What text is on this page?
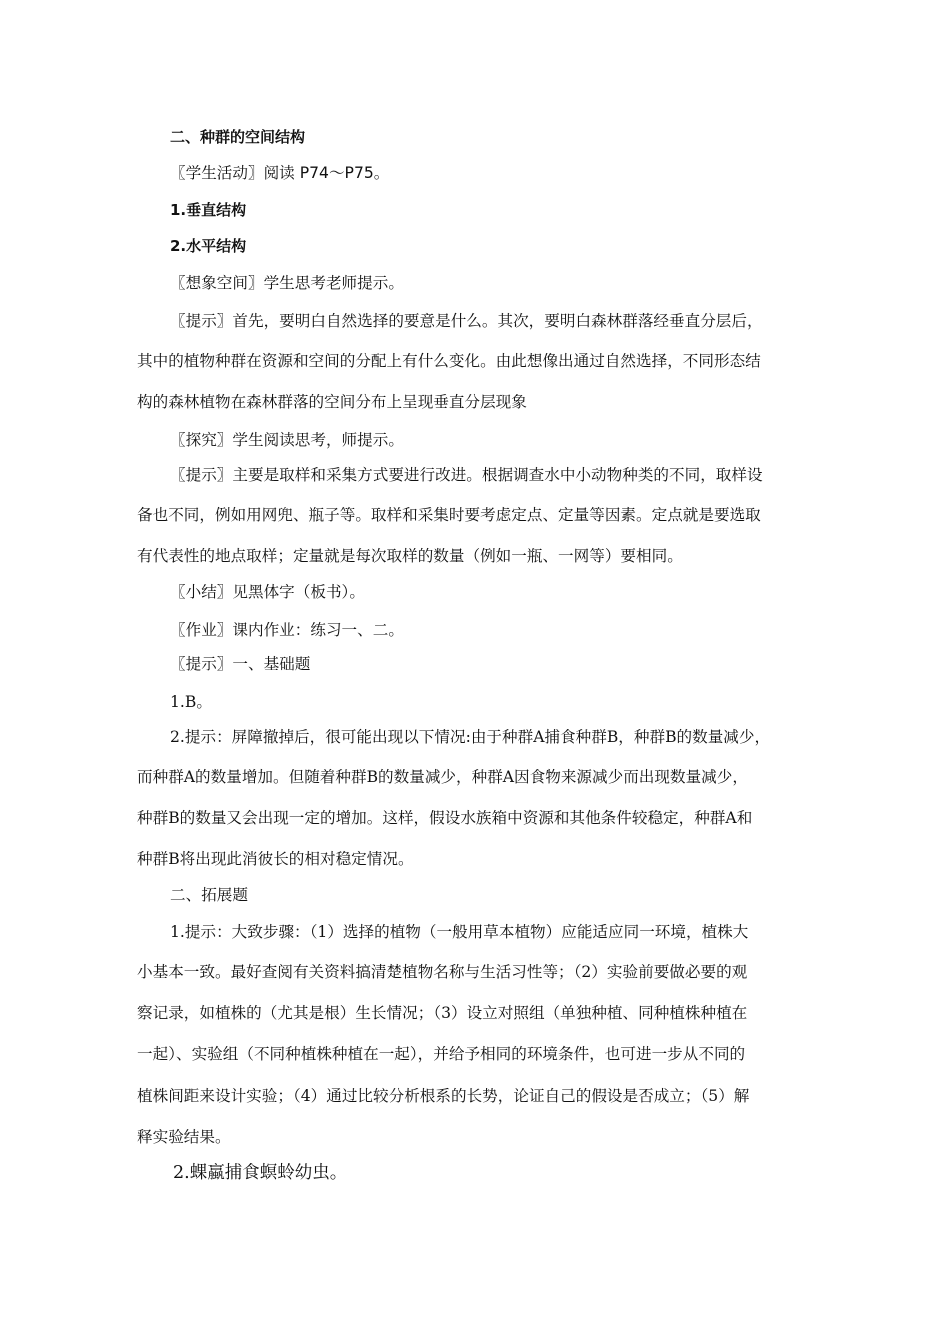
二、种群的空间结构
〖学生活动〗阅读 P74～P75。
1.垂直结构
2.水平结构
〖想象空间〗学生思考老师提示。
〖提示〗首先，要明白自然选择的要意是什么。其次，要明白森林群落经垂直分层后，
其中的植物种群在资源和空间的分配上有什么变化。由此想像出通过自然选择，不同形态结
构的森林植物在森林群落的空间分布上呈现垂直分层现象
〖探究〗学生阅读思考，师提示。
〖提示〗主要是取样和采集方式要进行改进。根据调查水中小动物种类的不同，取样设
备也不同，例如用网兜、瓶子等。取样和采集时要考虑定点、定量等因素。定点就是要选取
有代表性的地点取样；定量就是每次取样的数量（例如一瓶、一网等）要相同。
〖小结〗见黑体字（板书）。
〖作业〗课内作业：练习一、二。
〖提示〗一、基础题
1.B。
2.提示：屏障撤掉后，很可能出现以下情况:由于种群A捕食种群B，种群B的数量减少，
而种群A的数量增加。但随着种群B的数量减少，种群A因食物来源减少而出现数量减少，
种群B的数量又会出现一定的增加。这样，假设水族箱中资源和其他条件较稳定，种群A和
种群B将出现此消彼长的相对稳定情况。
二、拓展题
1.提示：大致步骤：（1）选择的植物（一般用草本植物）应能适应同一环境，植株大
小基本一致。最好查阅有关资料搞清楚植物名称与生活习性等；（2）实验前要做必要的观
察记录，如植株的（尤其是根）生长情况；（3）设立对照组（单独种植、同种植株种植在
一起）、实验组（不同种植株种植在一起），并给予相同的环境条件，也可进一步从不同的
植株间距来设计实验；（4）通过比较分析根系的长势，论证自己的假设是否成立；（5）解
释实验结果。
2.蜾蠃捕食螟蛉幼虫。
